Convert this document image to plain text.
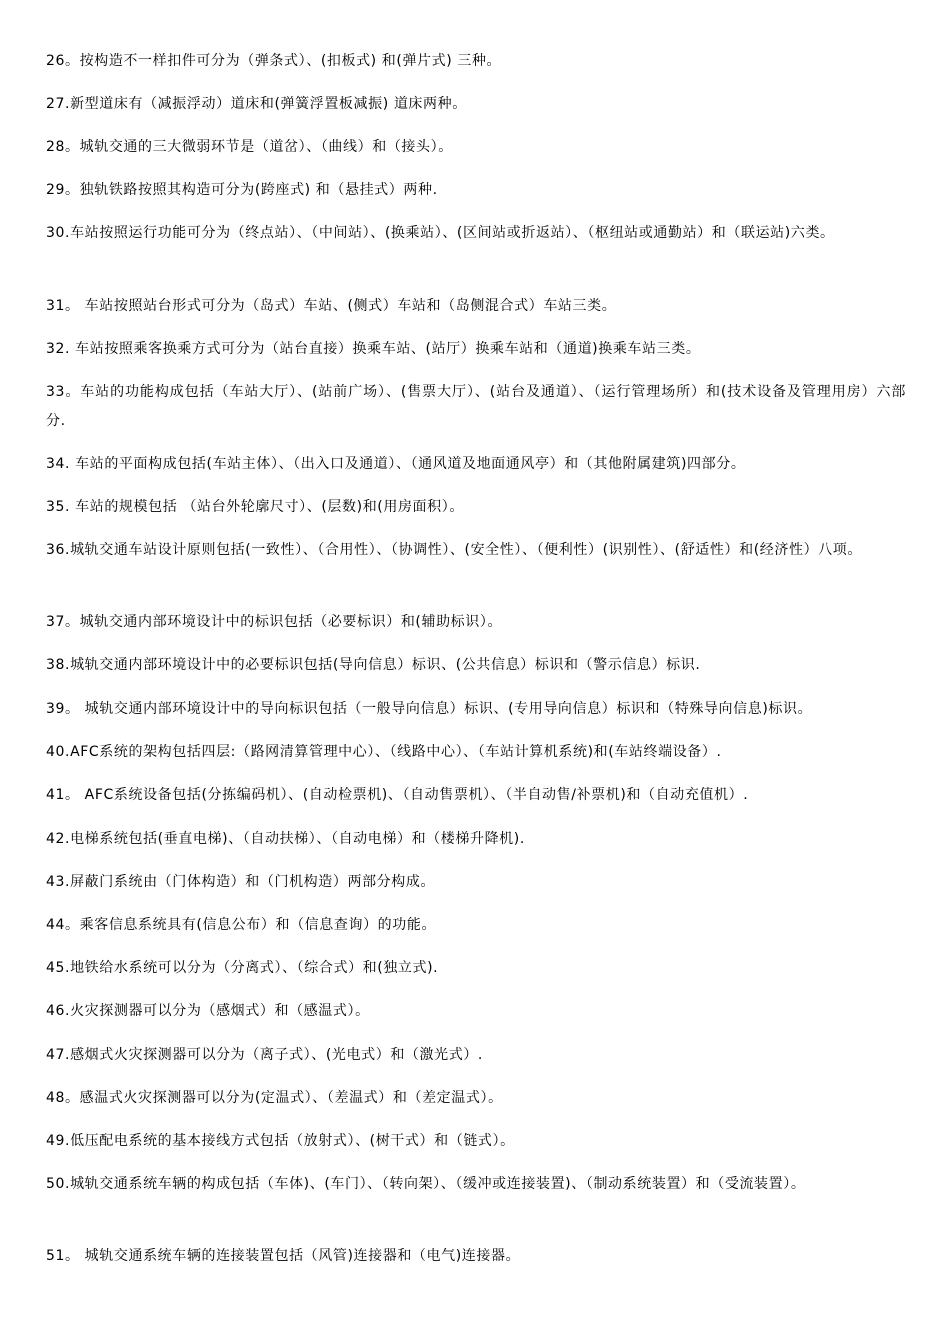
26。按构造不一样扣件可分为（弹条式）、(扣板式) 和(弹片式) 三种。

27.新型道床有（减振浮动）道床和(弹簧浮置板减振) 道床两种。

28。城轨交通的三大微弱环节是（道岔）、（曲线）和（接头）。

29。独轨铁路按照其构造可分为(跨座式) 和（悬挂式）两种.

30.车站按照运行功能可分为（终点站）、（中间站）、(换乘站）、(区间站或折返站）、（枢纽站或通勤站）和（联运站)六类。

31。 车站按照站台形式可分为（岛式）车站、(侧式）车站和（岛侧混合式）车站三类。

32. 车站按照乘客换乘方式可分为（站台直接）换乘车站、(站厅）换乘车站和（通道)换乘车站三类。

33。车站的功能构成包括（车站大厅）、(站前广场）、(售票大厅）、(站台及通道）、（运行管理场所）和(技术设备及管理用房）六部分.

34. 车站的平面构成包括(车站主体）、（出入口及通道）、（通风道及地面通风亭）和（其他附属建筑)四部分。

35. 车站的规模包括 （站台外轮廓尺寸）、(层数)和(用房面积）。

36.城轨交通车站设计原则包括(一致性）、（合用性）、（协调性）、(安全性）、（便利性）(识别性）、(舒适性）和(经济性）八项。

37。城轨交通内部环境设计中的标识包括（必要标识）和(辅助标识）。

38.城轨交通内部环境设计中的必要标识包括(导向信息）标识、(公共信息）标识和（警示信息）标识.

39。 城轨交通内部环境设计中的导向标识包括（一般导向信息）标识、(专用导向信息）标识和（特殊导向信息)标识。

40.AFC系统的架构包括四层:（路网清算管理中心）、（线路中心）、（车站计算机系统)和(车站终端设备）.

41。 AFC系统设备包括(分拣编码机）、(自动检票机)、（自动售票机）、（半自动售/补票机)和（自动充值机）.

42.电梯系统包括(垂直电梯)、（自动扶梯）、（自动电梯）和（楼梯升降机).

43.屏蔽门系统由（门体构造）和（门机构造）两部分构成。

44。乘客信息系统具有(信息公布）和（信息查询）的功能。

45.地铁给水系统可以分为（分离式）、（综合式）和(独立式).

46.火灾探测器可以分为（感烟式）和（感温式）。

47.感烟式火灾探测器可以分为（离子式）、(光电式）和（激光式）.

48。感温式火灾探测器可以分为(定温式）、（差温式）和（差定温式）。

49.低压配电系统的基本接线方式包括（放射式）、(树干式）和（链式）。

50.城轨交通系统车辆的构成包括（车体)、(车门）、（转向架）、（缓冲或连接装置)、（制动系统装置）和（受流装置）。

51。 城轨交通系统车辆的连接装置包括（风管)连接器和（电气)连接器。
